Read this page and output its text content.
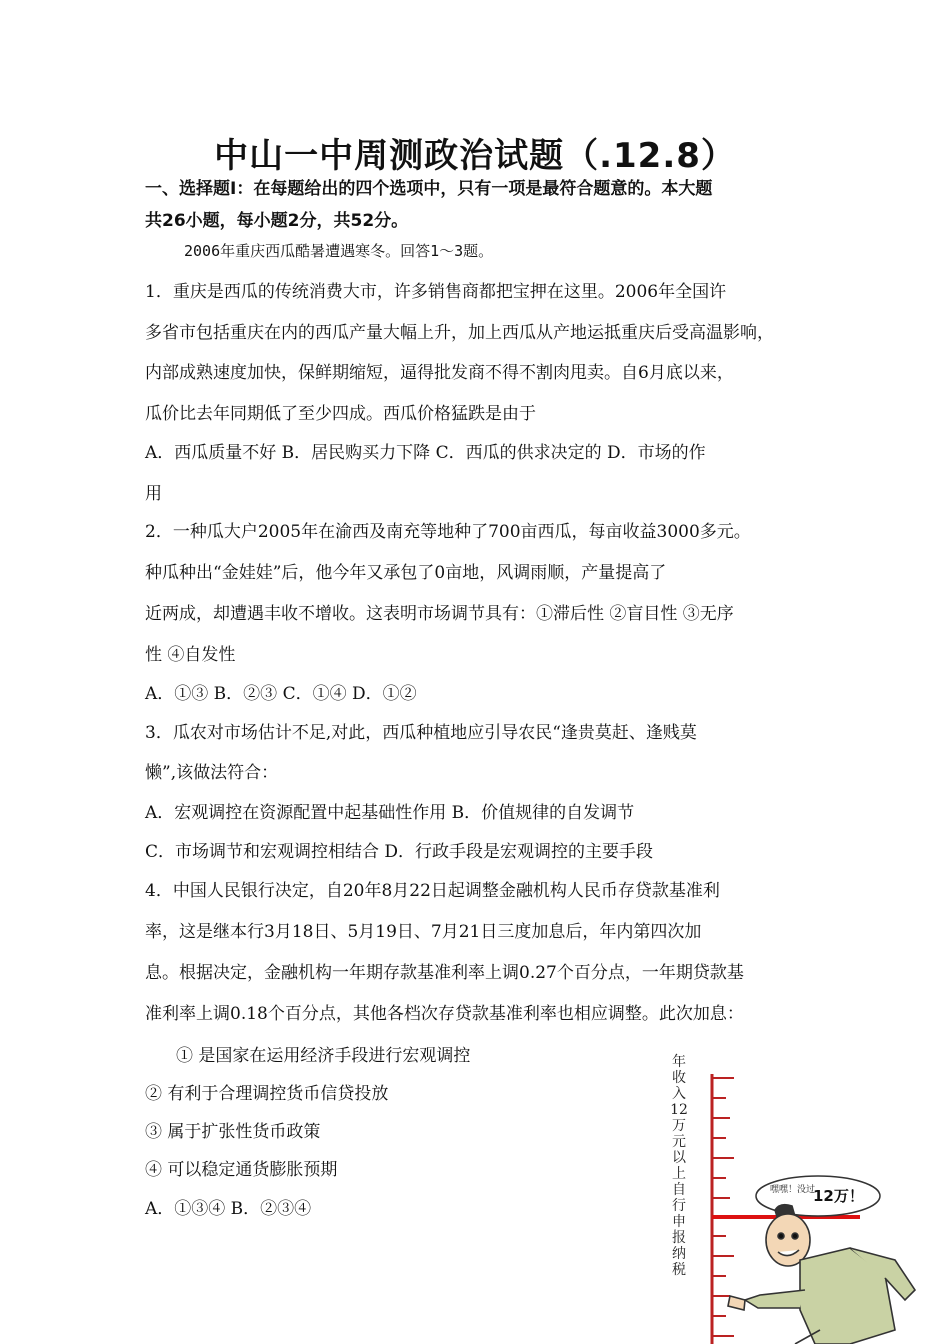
中山一中周测政治试题（.12.8）
一、选择题Ⅰ：在每题给出的四个选项中，只有一项是最符合题意的。本大题
共26小题，每小题2分，共52分。
2006年重庆西瓜酷暑遭遇寒冬。回答1～3题。
1．重庆是西瓜的传统消费大市，许多销售商都把宝押在这里。2006年全国许
多省市包括重庆在内的西瓜产量大幅上升，加上西瓜从产地运抵重庆后受高温影响，
内部成熟速度加快，保鲜期缩短，逼得批发商不得不割肉甩卖。自6月底以来，
瓜价比去年同期低了至少四成。西瓜价格猛跌是由于
A．西瓜质量不好 B．居民购买力下降 C．西瓜的供求决定的 D．市场的作
用
2．一种瓜大户2005年在渝西及南充等地种了700亩西瓜，每亩收益3000多元。
种瓜种出“金娃娃”后，他今年又承包了0亩地，风调雨顺，产量提高了
近两成，却遭遇丰收不增收。这表明市场调节具有：①滞后性 ②盲目性 ③无序
性 ④自发性
A．①③ B．②③ C．①④ D．①②
3．瓜农对市场估计不足,对此，西瓜种植地应引导农民“逢贵莫赶、逢贱莫
懒”,该做法符合：
A．宏观调控在资源配置中起基础性作用 B．价值规律的自发调节
C．市场调节和宏观调控相结合 D．行政手段是宏观调控的主要手段
4．中国人民银行决定，自20年8月22日起调整金融机构人民币存贷款基准利
率，这是继本行3月18日、5月19日、7月21日三度加息后，年内第四次加
息。根据决定，金融机构一年期存款基准利率上调0.27个百分点，一年期贷款基
准利率上调0.18个百分点，其他各档次存贷款基准利率也相应调整。此次加息：
① 是国家在运用经济手段进行宏观调控
② 有利于合理调控货币信贷投放
③ 属于扩张性货币政策
④ 可以稳定通货膨胀预期
A．①③④ B．②③④
年收入12万元以上自行申报纳税
嘿嘿！没过
12万！
